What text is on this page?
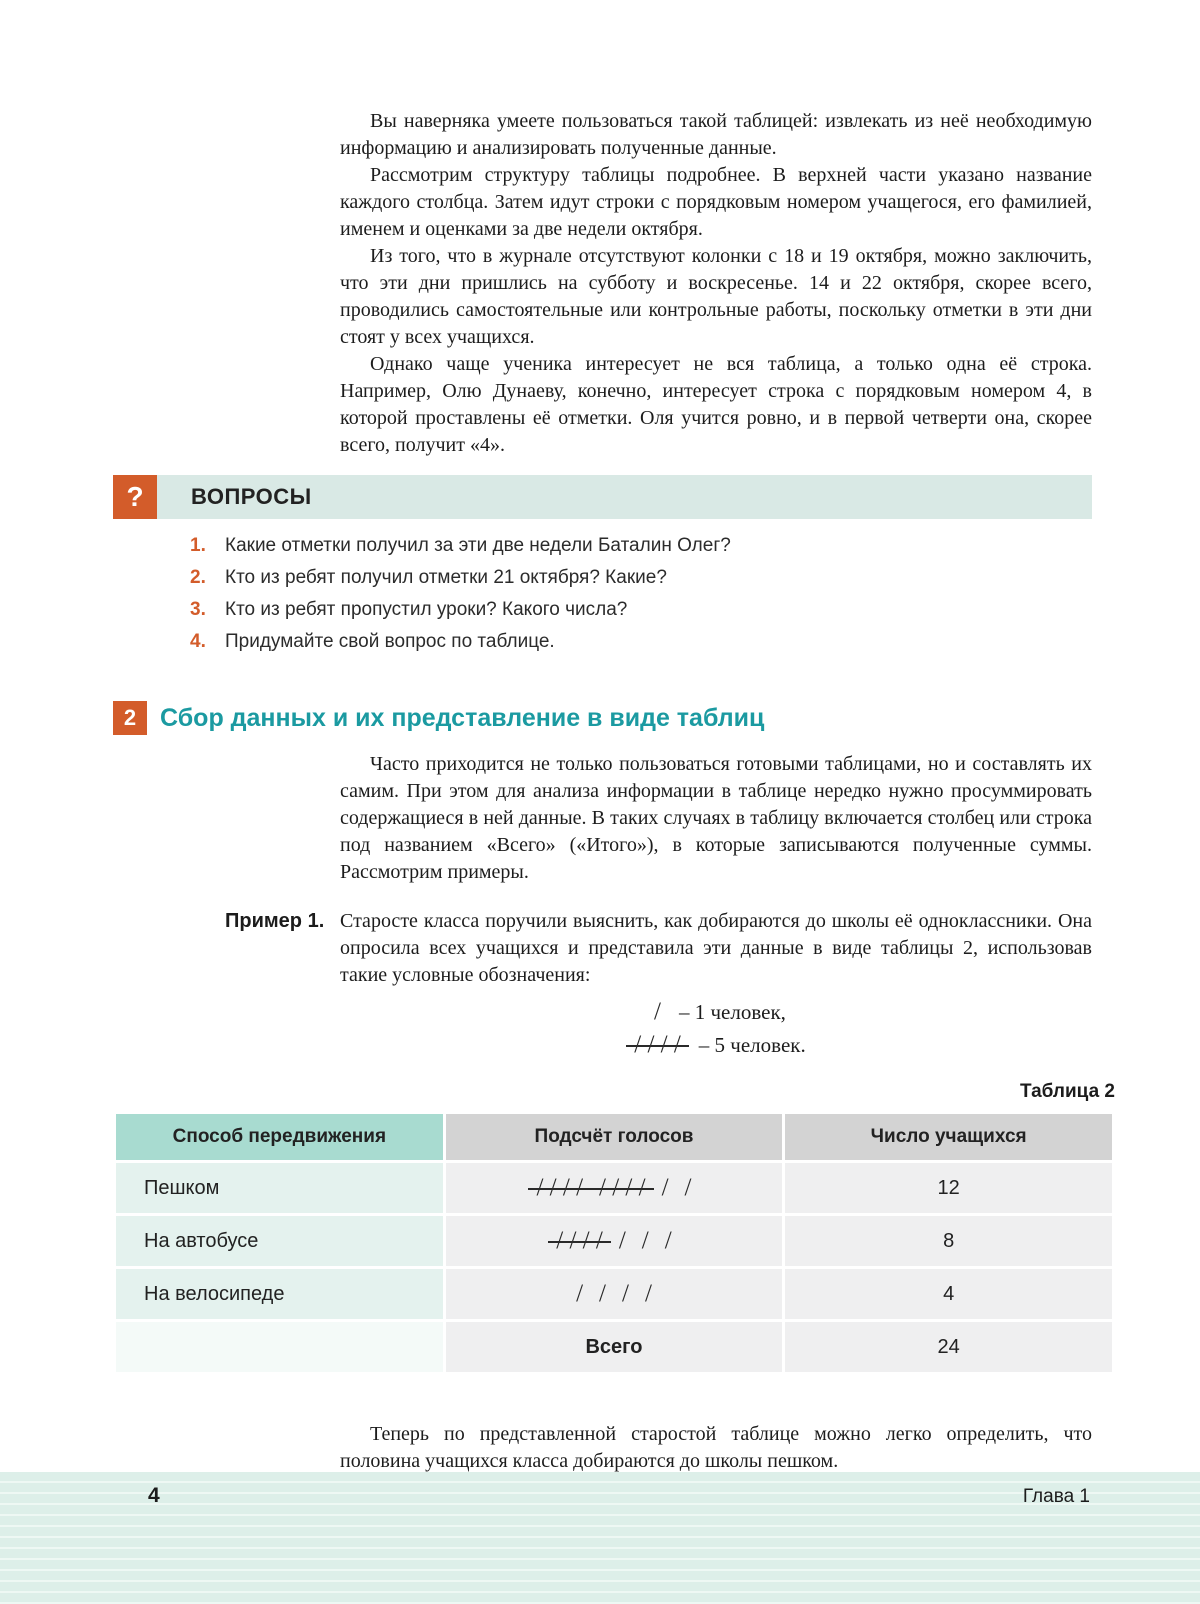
Вы наверняка умеете пользоваться такой таблицей: извлекать из неё необходимую информацию и анализировать полученные данные.

Рассмотрим структуру таблицы подробнее. В верхней части указано название каждого столбца. Затем идут строки с порядковым номером учащегося, его фамилией, именем и оценками за две недели октября.

Из того, что в журнале отсутствуют колонки с 18 и 19 октября, можно заключить, что эти дни пришлись на субботу и воскресенье. 14 и 22 октября, скорее всего, проводились самостоятельные или контрольные работы, поскольку отметки в эти дни стоят у всех учащихся.

Однако чаще ученика интересует не вся таблица, а только одна её строка. Например, Олю Дунаеву, конечно, интересует строка с порядковым номером 4, в которой проставлены её отметки. Оля учится ровно, и в первой четверти она, скорее всего, получит «4».

?	ВОПРОСЫ
1.	Какие отметки получил за эти две недели Баталин Олег?
2.	Кто из ребят получил отметки 21 октября? Какие?
3.	Кто из ребят пропустил уроки? Какого числа?
4.	Придумайте свой вопрос по таблице.
2 Сбор данных и их представление в виде таблиц

Часто приходится не только пользоваться готовыми таблицами, но и составлять их самим. При этом для анализа информации в таблице нередко нужно просуммировать содержащиеся в ней данные. В таких случаях в таблицу включается столбец или строка под названием «Всего» («Итого»), в которые записываются полученные суммы. Рассмотрим примеры.

Пример 1. Старосте класса поручили выяснить, как добираются до школы её одноклассники. Она опросила всех учащихся и представила эти данные в виде таблицы 2, использовав такие условные обозначения:
/ – 1 человек,
/ / / / – 5 человек.
Таблица 2
Способ передвижения	Подсчёт голосов	Число учащихся
Пешком	/ / / / / / / / / /	12
На автобусе	/ / / / / / /	8
На велосипеде	/ / / /	4
	Всего	24

Теперь по представленной старостой таблице можно легко определить, что половина учащихся класса добираются до школы пешком.

4	Глава 1
